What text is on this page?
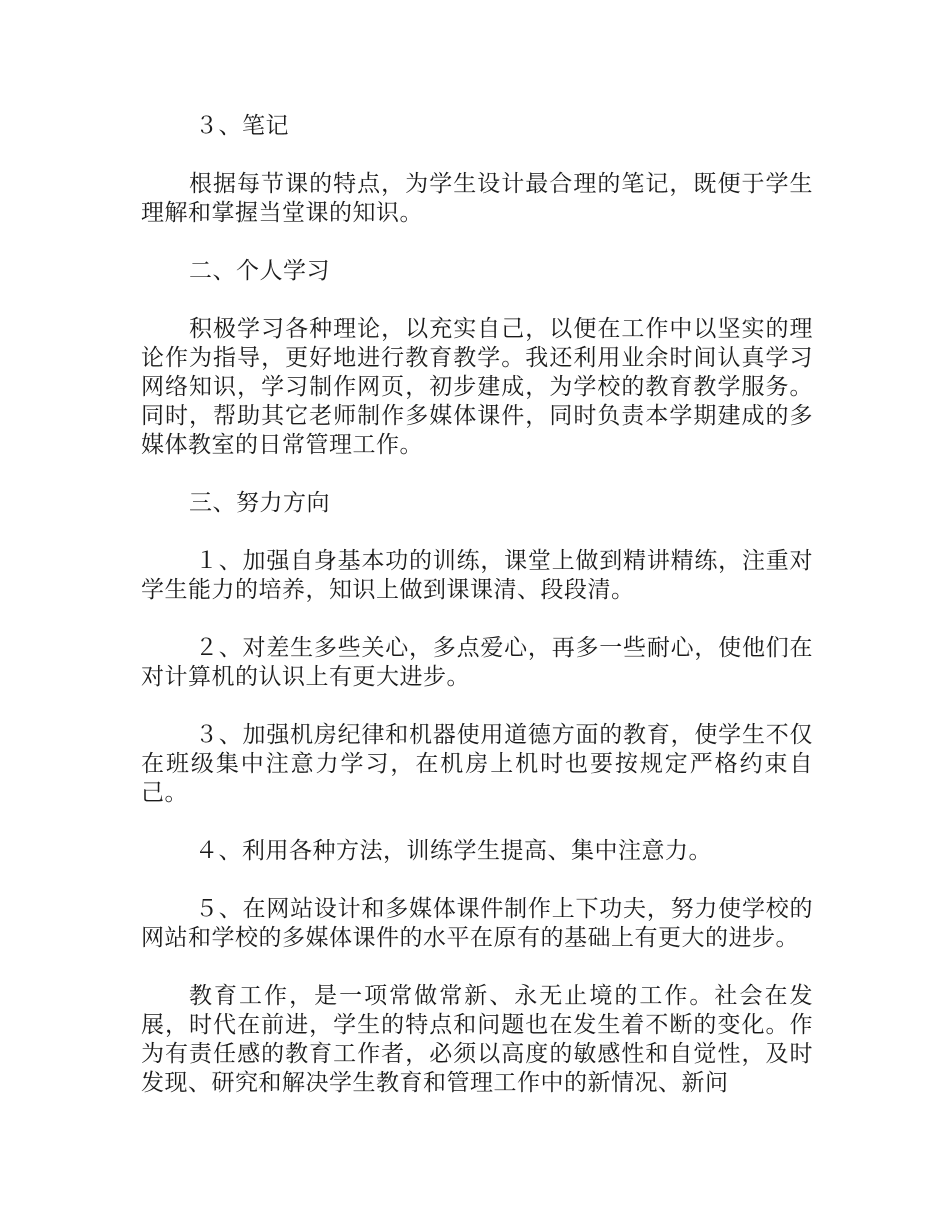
３、笔记

根据每节课的特点，为学生设计最合理的笔记，既便于学生理解和掌握当堂课的知识。

二、个人学习

积极学习各种理论，以充实自己，以便在工作中以坚实的理论作为指导，更好地进行教育教学。我还利用业余时间认真学习网络知识，学习制作网页，初步建成，为学校的教育教学服务。同时，帮助其它老师制作多媒体课件，同时负责本学期建成的多媒体教室的日常管理工作。

三、努力方向

１、加强自身基本功的训练，课堂上做到精讲精练，注重对学生能力的培养，知识上做到课课清、段段清。

２、对差生多些关心，多点爱心，再多一些耐心，使他们在对计算机的认识上有更大进步。

３、加强机房纪律和机器使用道德方面的教育，使学生不仅在班级集中注意力学习，在机房上机时也要按规定严格约束自己。

４、利用各种方法，训练学生提高、集中注意力。

５、在网站设计和多媒体课件制作上下功夫，努力使学校的网站和学校的多媒体课件的水平在原有的基础上有更大的进步。

教育工作，是一项常做常新、永无止境的工作。社会在发展，时代在前进，学生的特点和问题也在发生着不断的变化。作为有责任感的教育工作者，必须以高度的敏感性和自觉性，及时发现、研究和解决学生教育和管理工作中的新情况、新问
